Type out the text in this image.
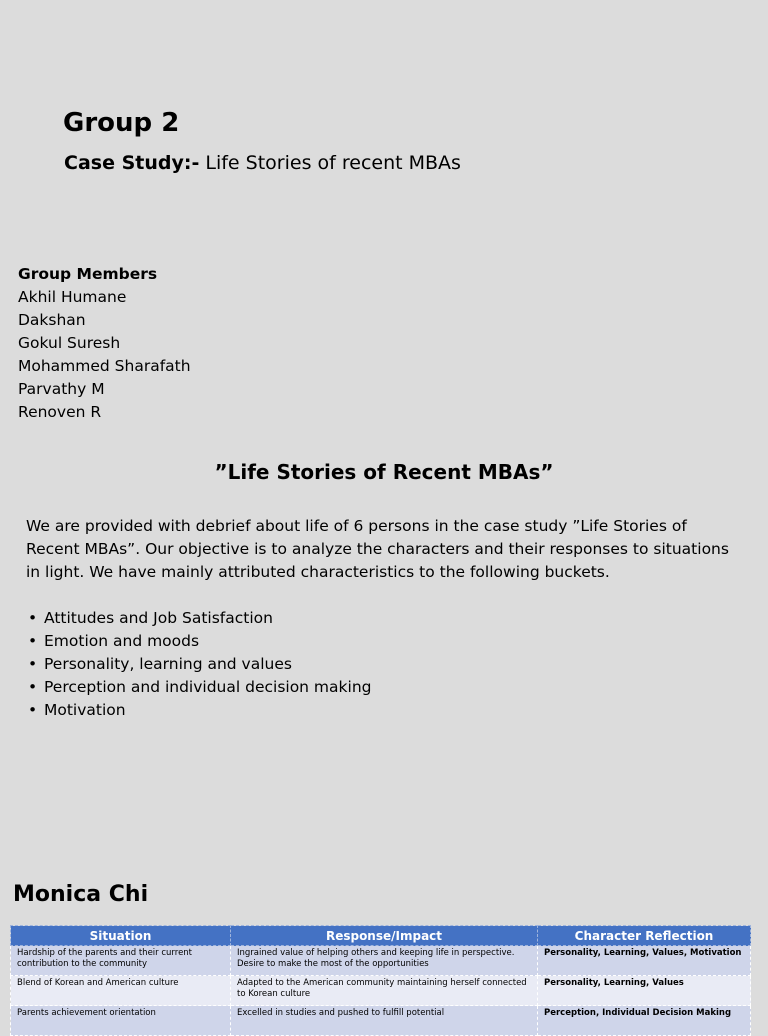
Group 2
Case Study:- Life Stories of recent MBAs
Group Members
Akhil Humane
Dakshan
Gokul Suresh
Mohammed Sharafath
Parvathy M
Renoven R
”Life Stories of Recent MBAs”
We are provided with debrief about life of 6 persons in the case study ”Life Stories of Recent MBAs”. Our objective is to analyze the characters and their responses to situations in light. We have mainly attributed characteristics to the following buckets.
• Attitudes and Job Satisfaction
• Emotion and moods
• Personality, learning and values
• Perception and individual decision making
• Motivation
Monica Chi
Situation	Response/Impact	Character Reflection
Hardship of the parents and their current contribution to the community	Ingrained value of helping others and keeping life in perspective. Desire to make the most of the opportunities	Personality, Learning, Values, Motivation
Blend of Korean and American culture	Adapted to the American community maintaining herself connected to Korean culture	Personality, Learning, Values
Parents achievement orientation	Excelled in studies and pushed to fulfill potential	Perception, Individual Decision Making
